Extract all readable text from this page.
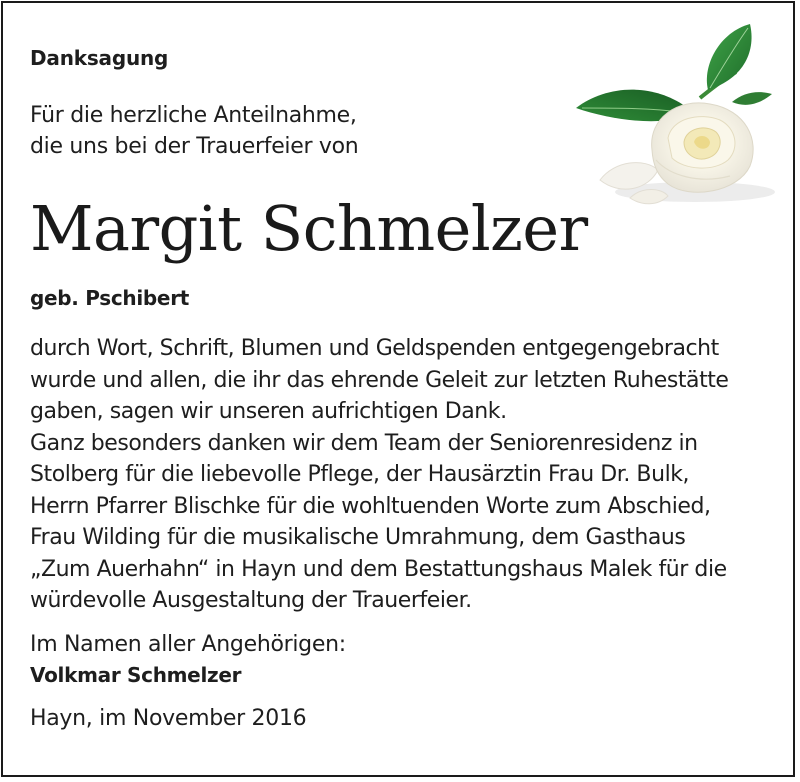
Danksagung
Für die herzliche Anteilnahme,
die uns bei der Trauerfeier von
Margit Schmelzer
geb. Pschibert
durch Wort, Schrift, Blumen und Geldspenden entgegengebracht
wurde und allen, die ihr das ehrende Geleit zur letzten Ruhestätte
gaben, sagen wir unseren aufrichtigen Dank.
Ganz besonders danken wir dem Team der Seniorenresidenz in
Stolberg für die liebevolle Pflege, der Hausärztin Frau Dr. Bulk,
Herrn Pfarrer Blischke für die wohltuenden Worte zum Abschied,
Frau Wilding für die musikalische Umrahmung, dem Gasthaus
„Zum Auerhahn“ in Hayn und dem Bestattungshaus Malek für die
würdevolle Ausgestaltung der Trauerfeier.
Im Namen aller Angehörigen:
Volkmar Schmelzer
Hayn, im November 2016
